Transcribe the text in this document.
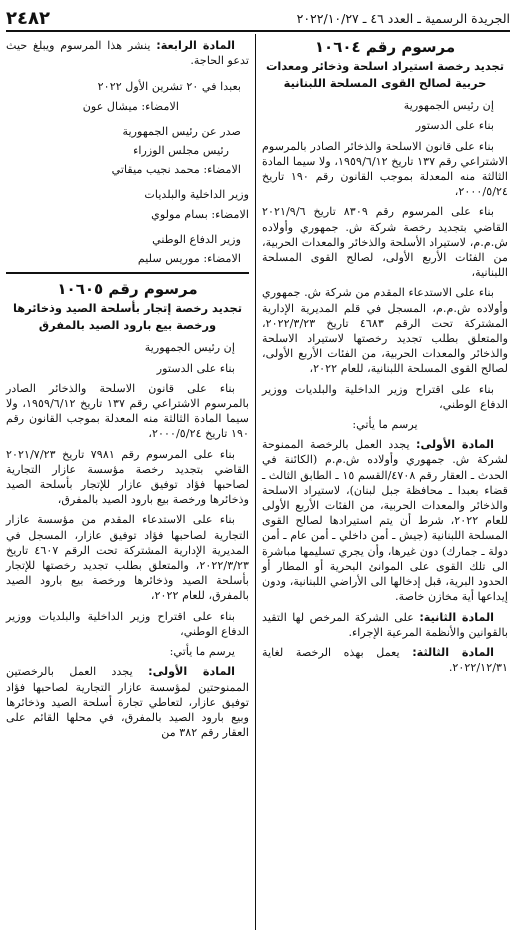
٢٤٨٢	الجريدة الرسمية ـ العدد ٤٦ ـ ٢٠٢٢/١٠/٢٧
مرسوم رقم ١٠٦٠٤
تجديد رخصة استيراد اسلحة وذخائر ومعدات حربية لصالح القوى المسلحة اللبنانية

إن رئيس الجمهورية

بناء على الدستور

بناء على قانون الاسلحة والذخائر الصادر بالمرسوم الاشتراعي رقم ١٣٧ تاريخ ١٩٥٩/٦/١٢، ولا سيما المادة الثالثة منه المعدلة بموجب القانون رقم ١٩٠ تاريخ ٢٠٠٠/٥/٢٤،

بناء على المرسوم رقم ٨٣٠٩ تاريخ ٢٠٢١/٩/٦ القاضي بتجديد رخصة شركة ش. جمهوري وأولاده ش.م.م، لاستيراد الأسلحة والذخائر والمعدات الحربية، من الفئات الأربع الأولى، لصالح القوى المسلحة اللبنانية،

بناء على الاستدعاء المقدم من شركة ش. جمهوري وأولاده ش.م.م، المسجل في قلم المديرية الإدارية المشتركة تحت الرقم ٤٦٨٣ تاريخ ٢٠٢٢/٣/٢٣، والمتعلق بطلب تجديد رخصتها لاستيراد الاسلحة والذخائر والمعدات الحربية، من الفئات الأربع الأولى، لصالح القوى المسلحة اللبنانية، للعام ٢٠٢٢،

بناء على اقتراح وزير الداخلية والبلديات ووزير الدفاع الوطني،

يرسم ما يأتي:

المادة الأولى: يجدد العمل بالرخصة الممنوحة لشركة ش. جمهوري وأولاده ش.م.م (الكائنة في الحدث ـ العقار رقم ٤٧٠٨/القسم ١٥ ـ الطابق الثالث ـ قضاء بعبدا ـ محافظة جبل لبنان)، لاستيراد الاسلحة والذخائر والمعدات الحربية، من الفئات الأربع الأولى للعام ٢٠٢٢، شرط أن يتم استيرادها لصالح القوى المسلحة اللبنانية (جيش ـ أمن داخلي ـ أمن عام ـ أمن دولة ـ جمارك) دون غيرها، وأن يجري تسليمها مباشرة الى تلك القوى على الموانئ البحرية أو المطار أو الحدود البرية، قبل إدخالها الى الأراضي اللبنانية، ودون إيداعها أية مخازن خاصة.

المادة الثانية: على الشركة المرخص لها التقيد بالقوانين والأنظمة المرعية الإجراء.

المادة الثالثة: يعمل بهذه الرخصة لغاية ٢٠٢٢/١٢/٣١.

المادة الرابعة: ينشر هذا المرسوم ويبلغ حيث تدعو الحاجة.

بعبدا في ٢٠ تشرين الأول ٢٠٢٢

الامضاء: ميشال عون

صدر عن رئيس الجمهورية

رئيس مجلس الوزراء

الامضاء: محمد نجيب ميقاتي

وزير الداخلية والبلديات

الامضاء: بسام مولوي

وزير الدفاع الوطني

الامضاء: موريس سليم

مرسوم رقم ١٠٦٠٥
تجديد رخصة إتجار بأسلحة الصيد وذخائرها ورخصة بيع بارود الصيد بالمفرق

إن رئيس الجمهورية

بناء على الدستور

بناء على قانون الاسلحة والذخائر الصادر بالمرسوم الاشتراعي رقم ١٣٧ تاريخ ١٩٥٩/٦/١٢، ولا سيما المادة الثالثة منه المعدلة بموجب القانون رقم ١٩٠ تاريخ ٢٠٠٠/٥/٢٤،

بناء على المرسوم رقم ٧٩٨١ تاريخ ٢٠٢١/٧/٢٣ القاضي بتجديد رخصة مؤسسة عازار التجارية لصاحبها فؤاد توفيق عازار للإتجار بأسلحة الصيد وذخائرها ورخصة بيع بارود الصيد بالمفرق،

بناء على الاستدعاء المقدم من مؤسسة عازار التجارية لصاحبها فؤاد توفيق عازار، المسجل في المديرية الإدارية المشتركة تحت الرقم ٤٦٠٧ تاريخ ٢٠٢٢/٣/٢٣، والمتعلق بطلب تجديد رخصتها للإتجار بأسلحة الصيد وذخائرها ورخصة بيع بارود الصيد بالمفرق، للعام ٢٠٢٢،

بناء على اقتراح وزير الداخلية والبلديات ووزير الدفاع الوطني،

يرسم ما يأتي:

المادة الأولى: يجدد العمل بالرخصتين الممنوحتين لمؤسسة عازار التجارية لصاحبها فؤاد توفيق عازار، لتعاطي تجارة أسلحة الصيد وذخائرها وبيع بارود الصيد بالمفرق، في محلها القائم على العقار رقم ٣٨٢ من
